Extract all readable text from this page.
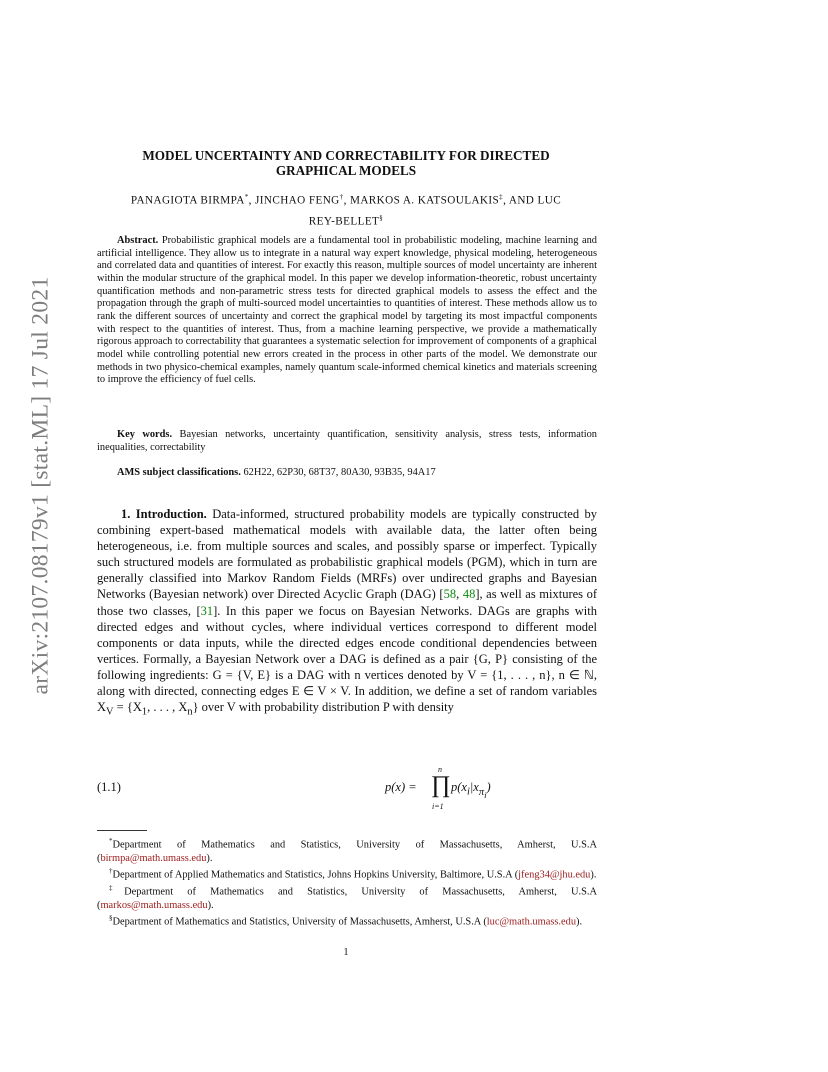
arXiv:2107.08179v1 [stat.ML] 17 Jul 2021
MODEL UNCERTAINTY AND CORRECTABILITY FOR DIRECTED
GRAPHICAL MODELS
PANAGIOTA BIRMPA*, JINCHAO FENG†, MARKOS A. KATSOULAKIS‡, AND LUC
REY-BELLET§
Abstract. Probabilistic graphical models are a fundamental tool in probabilistic modeling, machine learning and artificial intelligence. They allow us to integrate in a natural way expert knowledge, physical modeling, heterogeneous and correlated data and quantities of interest. For exactly this reason, multiple sources of model uncertainty are inherent within the modular structure of the graphical model. In this paper we develop information-theoretic, robust uncertainty quantification methods and non-parametric stress tests for directed graphical models to assess the effect and the propagation through the graph of multi-sourced model uncertainties to quantities of interest. These methods allow us to rank the different sources of uncertainty and correct the graphical model by targeting its most impactful components with respect to the quantities of interest. Thus, from a machine learning perspective, we provide a mathematically rigorous approach to correctability that guarantees a systematic selection for improvement of components of a graphical model while controlling potential new errors created in the process in other parts of the model. We demonstrate our methods in two physico-chemical examples, namely quantum scale-informed chemical kinetics and materials screening to improve the efficiency of fuel cells.
Key words. Bayesian networks, uncertainty quantification, sensitivity analysis, stress tests, information inequalities, correctability
AMS subject classifications. 62H22, 62P30, 68T37, 80A30, 93B35, 94A17
1. Introduction. Data-informed, structured probability models are typically constructed by combining expert-based mathematical models with available data, the latter often being heterogeneous, i.e. from multiple sources and scales, and possibly sparse or imperfect. Typically such structured models are formulated as probabilistic graphical models (PGM), which in turn are generally classified into Markov Random Fields (MRFs) over undirected graphs and Bayesian Networks (Bayesian network) over Directed Acyclic Graph (DAG) [58, 48], as well as mixtures of those two classes, [31]. In this paper we focus on Bayesian Networks. DAGs are graphs with directed edges and without cycles, where individual vertices correspond to different model components or data inputs, while the directed edges encode conditional dependencies between vertices. Formally, a Bayesian Network over a DAG is defined as a pair {G, P} consisting of the following ingredients: G = {V, E} is a DAG with n vertices denoted by V = {1, . . . , n}, n ∈ ℕ, along with directed, connecting edges E ∈ V × V. In addition, we define a set of random variables $X_V = \{X_1$, . . . , $X_n$} over V with probability distribution P with density
(1.1)	p(x) =
n
∏
i=1
$p(x_i|x_{\pi_i})$

*Department of Mathematics and Statistics, University of Massachusetts, Amherst, U.S.A (birmpa@math.umass.edu).

†Department of Applied Mathematics and Statistics, Johns Hopkins University, Baltimore, U.S.A (jfeng34@jhu.edu).

‡Department of Mathematics and Statistics, University of Massachusetts, Amherst, U.S.A (markos@math.umass.edu).

§Department of Mathematics and Statistics, University of Massachusetts, Amherst, U.S.A (luc@math.umass.edu).

1
